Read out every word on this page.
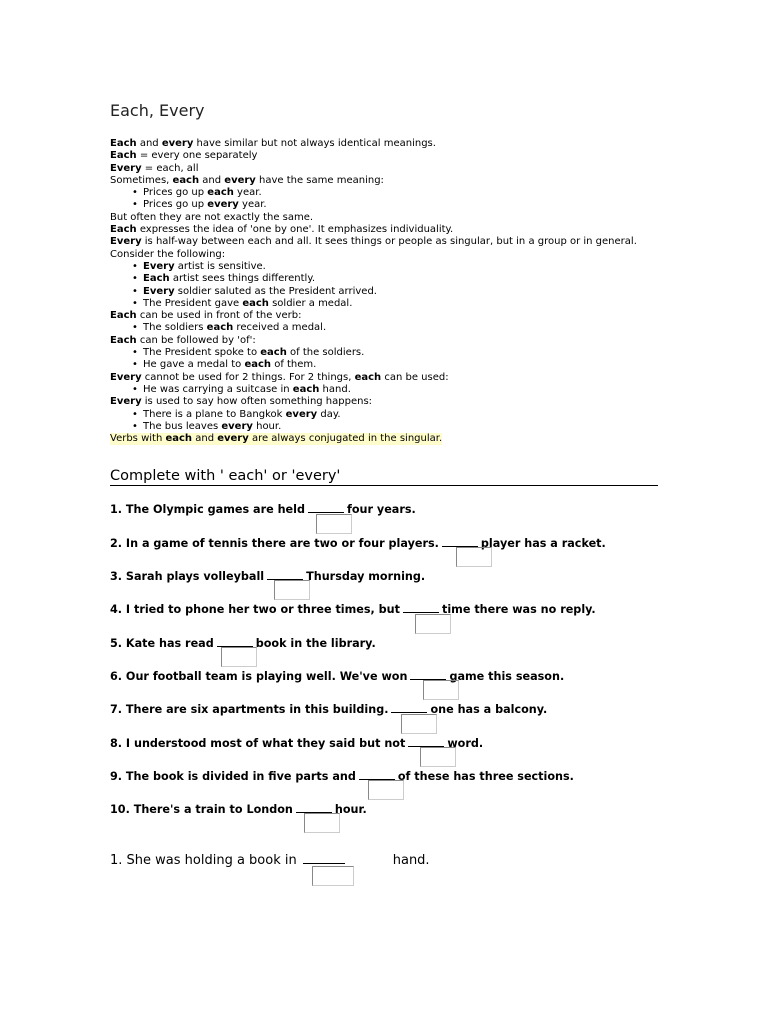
Each, Every
Each and every have similar but not always identical meanings.
Each = every one separately
Every = each, all
Sometimes, each and every have the same meaning:
• Prices go up each year.
• Prices go up every year.
But often they are not exactly the same.
Each expresses the idea of 'one by one'. It emphasizes individuality.
Every is half-way between each and all. It sees things or people as singular, but in a group or in general.
Consider the following:
• Every artist is sensitive.
• Each artist sees things differently.
• Every soldier saluted as the President arrived.
• The President gave each soldier a medal.
Each can be used in front of the verb:
• The soldiers each received a medal.
Each can be followed by 'of':
• The President spoke to each of the soldiers.
• He gave a medal to each of them.
Every cannot be used for 2 things. For 2 things, each can be used:
• He was carrying a suitcase in each hand.
Every is used to say how often something happens:
• There is a plane to Bangkok every day.
• The bus leaves every hour.
Verbs with each and every are always conjugated in the singular.
Complete with ' each' or 'every'
1. The Olympic games are held	four years.
2. In a game of tennis there are two or four players.	player has a racket.
3. Sarah plays volleyball	Thursday morning.
4. I tried to phone her two or three times, but	time there was no reply.
5. Kate has read	book in the library.
6. Our football team is playing well. We've won	game this season.
7. There are six apartments in this building.	one has a balcony.
8. I understood most of what they said but not	word.
9. The book is divided in five parts and	of these has three sections.
10. There's a train to London	hour.
1. She was holding a book in	hand.
